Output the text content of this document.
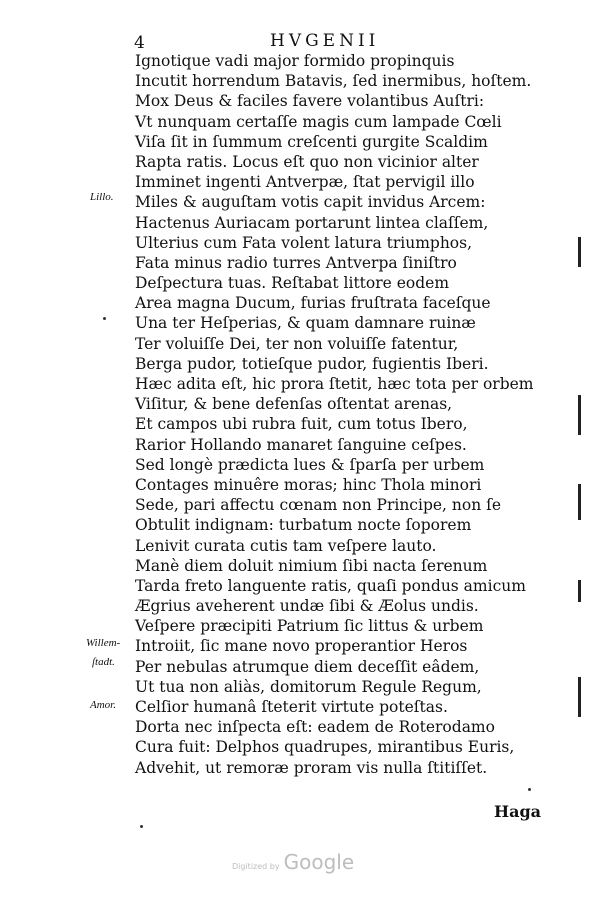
4	HVGENII
Ignotique vadi major formido propinquis
Incutit horrendum Batavis, ſed inermibus, hoſtem.
Mox Deus & faciles favere volantibus Auſtri:
Vt nunquam certaſſe magis cum lampade Cœli
Viſa ſit in ſummum creſcenti gurgite Scaldim
Rapta ratis. Locus eſt quo non vicinior alter
Imminet ingenti Antverpæ, ſtat pervigil illo
Miles & auguſtam votis capit invidus Arcem:
Hactenus Auriacam portarunt lintea claſſem,
Ulterius cum Fata volent latura triumphos,
Fata minus radio turres Antverpa ſiniſtro
Deſpectura tuas. Reſtabat littore eodem
Area magna Ducum, furias fruſtrata faceſque
Una ter Heſperias, & quam damnare ruinæ
Ter voluiſſe Dei, ter non voluiſſe fatentur,
Berga pudor, totieſque pudor, fugientis Iberi.
Hæc adita eſt, hic prora ſtetit, hæc tota per orbem
Viſitur, & bene defenſas oſtentat arenas,
Et campos ubi rubra fuit, cum totus Ibero,
Rarior Hollando manaret ſanguine ceſpes.
Sed longè prædicta lues & ſparſa per urbem
Contages minuêre moras; hinc Thola minori
Sede, pari affectu cœnam non Principe, non ſe
Obtulit indignam: turbatum nocte ſoporem
Lenivit curata cutis tam veſpere lauto.
Manè diem doluit nimium ſibi nacta ſerenum
Tarda freto languente ratis, quaſi pondus amicum
Ægrius aveherent undæ ſibi & Æolus undis.
Veſpere præcipiti Patrium ſic littus & urbem
Introiit, ſic mane novo properantior Heros
Per nebulas atrumque diem deceſſit eâdem,
Ut tua non aliàs, domitorum Regule Regum,
Celſior humanâ ſteterit virtute poteſtas.
Dorta nec inſpecta eſt: eadem de Roterodamo
Cura fuit: Delphos quadrupes, mirantibus Euris,
Advehit, ut remoræ proram vis nulla ſtitiſſet.
Lillo.
Willem-
ſtadt.
Amor.
Haga
Digitized by Google
